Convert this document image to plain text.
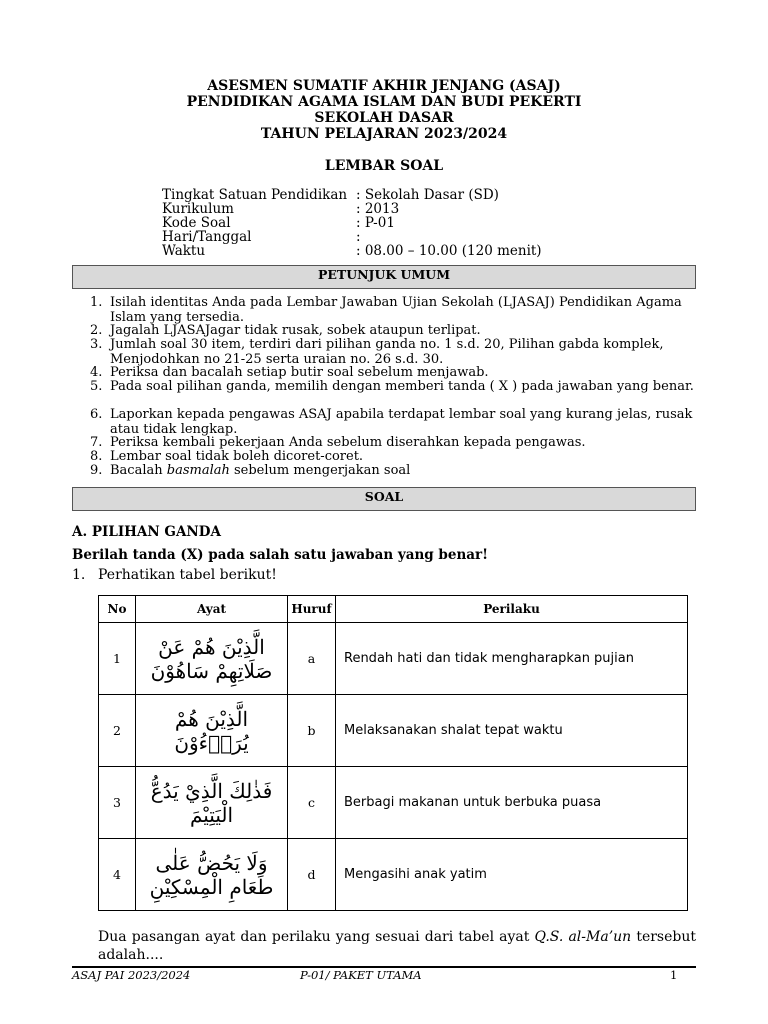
ASESMEN SUMATIF AKHIR JENJANG (ASAJ)
PENDIDIKAN AGAMA ISLAM DAN BUDI PEKERTI
SEKOLAH DASAR
TAHUN PELAJARAN 2023/2024
LEMBAR SOAL
Tingkat Satuan Pendidikan : Sekolah Dasar (SD)
Kurikulum	: 2013
Kode Soal	: P-01
Hari/Tanggal	:
Waktu	: 08.00 – 10.00 (120 menit)
PETUNJUK UMUM
1. Isilah identitas Anda pada Lembar Jawaban Ujian Sekolah (LJASAJ) Pendidikan Agama Islam yang tersedia.
2. Jagalah LJASAJagar tidak rusak, sobek ataupun terlipat.
3. Jumlah soal 30 item, terdiri dari pilihan ganda no. 1 s.d. 20, Pilihan gabda komplek, Menjodohkan no 21-25 serta uraian no. 26 s.d. 30.
4. Periksa dan bacalah setiap butir soal sebelum menjawab.
5. Pada soal pilihan ganda, memilih dengan memberi tanda ( X ) pada jawaban yang benar.
6. Laporkan kepada pengawas ASAJ apabila terdapat lembar soal yang kurang jelas, rusak atau tidak lengkap.
7. Periksa kembali pekerjaan Anda sebelum diserahkan kepada pengawas.
8. Lembar soal tidak boleh dicoret-coret.
9. Bacalah basmalah sebelum mengerjakan soal
SOAL
A. PILIHAN GANDA
Berilah tanda (X) pada salah satu jawaban yang benar!
1. Perhatikan tabel berikut!
No	Ayat	Huruf	Perilaku
1	الَّذِيْنَ هُمْ عَنْ صَلَاتِهِمْ سَاهُوْنَ	a	Rendah hati dan tidak mengharapkan pujian
2	الَّذِيْنَ هُمْ يُرَاۤءُوْنَ	b	Melaksanakan shalat tepat waktu
3	فَذٰلِكَ الَّذِيْ يَدُعُّ الْيَتِيْمَ	c	Berbagi makanan untuk berbuka puasa
4	وَلَا يَحُضُّ عَلٰى طَعَامِ الْمِسْكِيْنِ	d	Mengasihi anak yatim
Dua pasangan ayat dan perilaku yang sesuai dari tabel ayat Q.S. al-Ma’un tersebut adalah....
ASAJ PAI 2023/2024	P-01/ PAKET UTAMA	1
